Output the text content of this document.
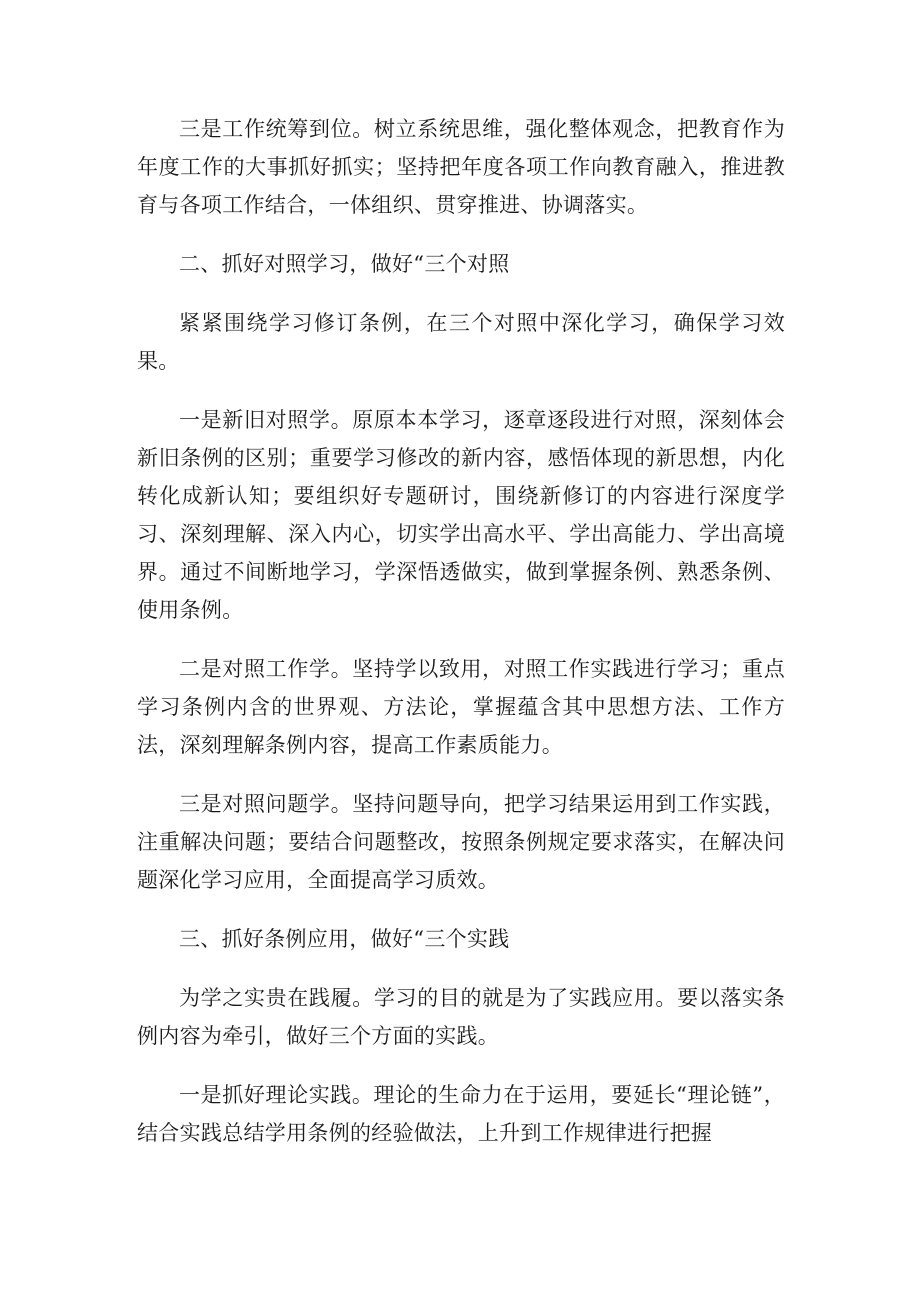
三是工作统筹到位。树立系统思维，强化整体观念，把教育作为年度工作的大事抓好抓实；坚持把年度各项工作向教育融入，推进教育与各项工作结合，一体组织、贯穿推进、协调落实。

二、抓好对照学习，做好“三个对照

紧紧围绕学习修订条例，在三个对照中深化学习，确保学习效果。

一是新旧对照学。原原本本学习，逐章逐段进行对照，深刻体会新旧条例的区别；重要学习修改的新内容，感悟体现的新思想，内化转化成新认知；要组织好专题研讨，围绕新修订的内容进行深度学习、深刻理解、深入内心，切实学出高水平、学出高能力、学出高境界。通过不间断地学习，学深悟透做实，做到掌握条例、熟悉条例、使用条例。

二是对照工作学。坚持学以致用，对照工作实践进行学习；重点学习条例内含的世界观、方法论，掌握蕴含其中思想方法、工作方法，深刻理解条例内容，提高工作素质能力。

三是对照问题学。坚持问题导向，把学习结果运用到工作实践，注重解决问题；要结合问题整改，按照条例规定要求落实，在解决问题深化学习应用，全面提高学习质效。

三、抓好条例应用，做好“三个实践

为学之实贵在践履。学习的目的就是为了实践应用。要以落实条例内容为牵引，做好三个方面的实践。

一是抓好理论实践。理论的生命力在于运用，要延长“理论链”，结合实践总结学用条例的经验做法，上升到工作规律进行把握
